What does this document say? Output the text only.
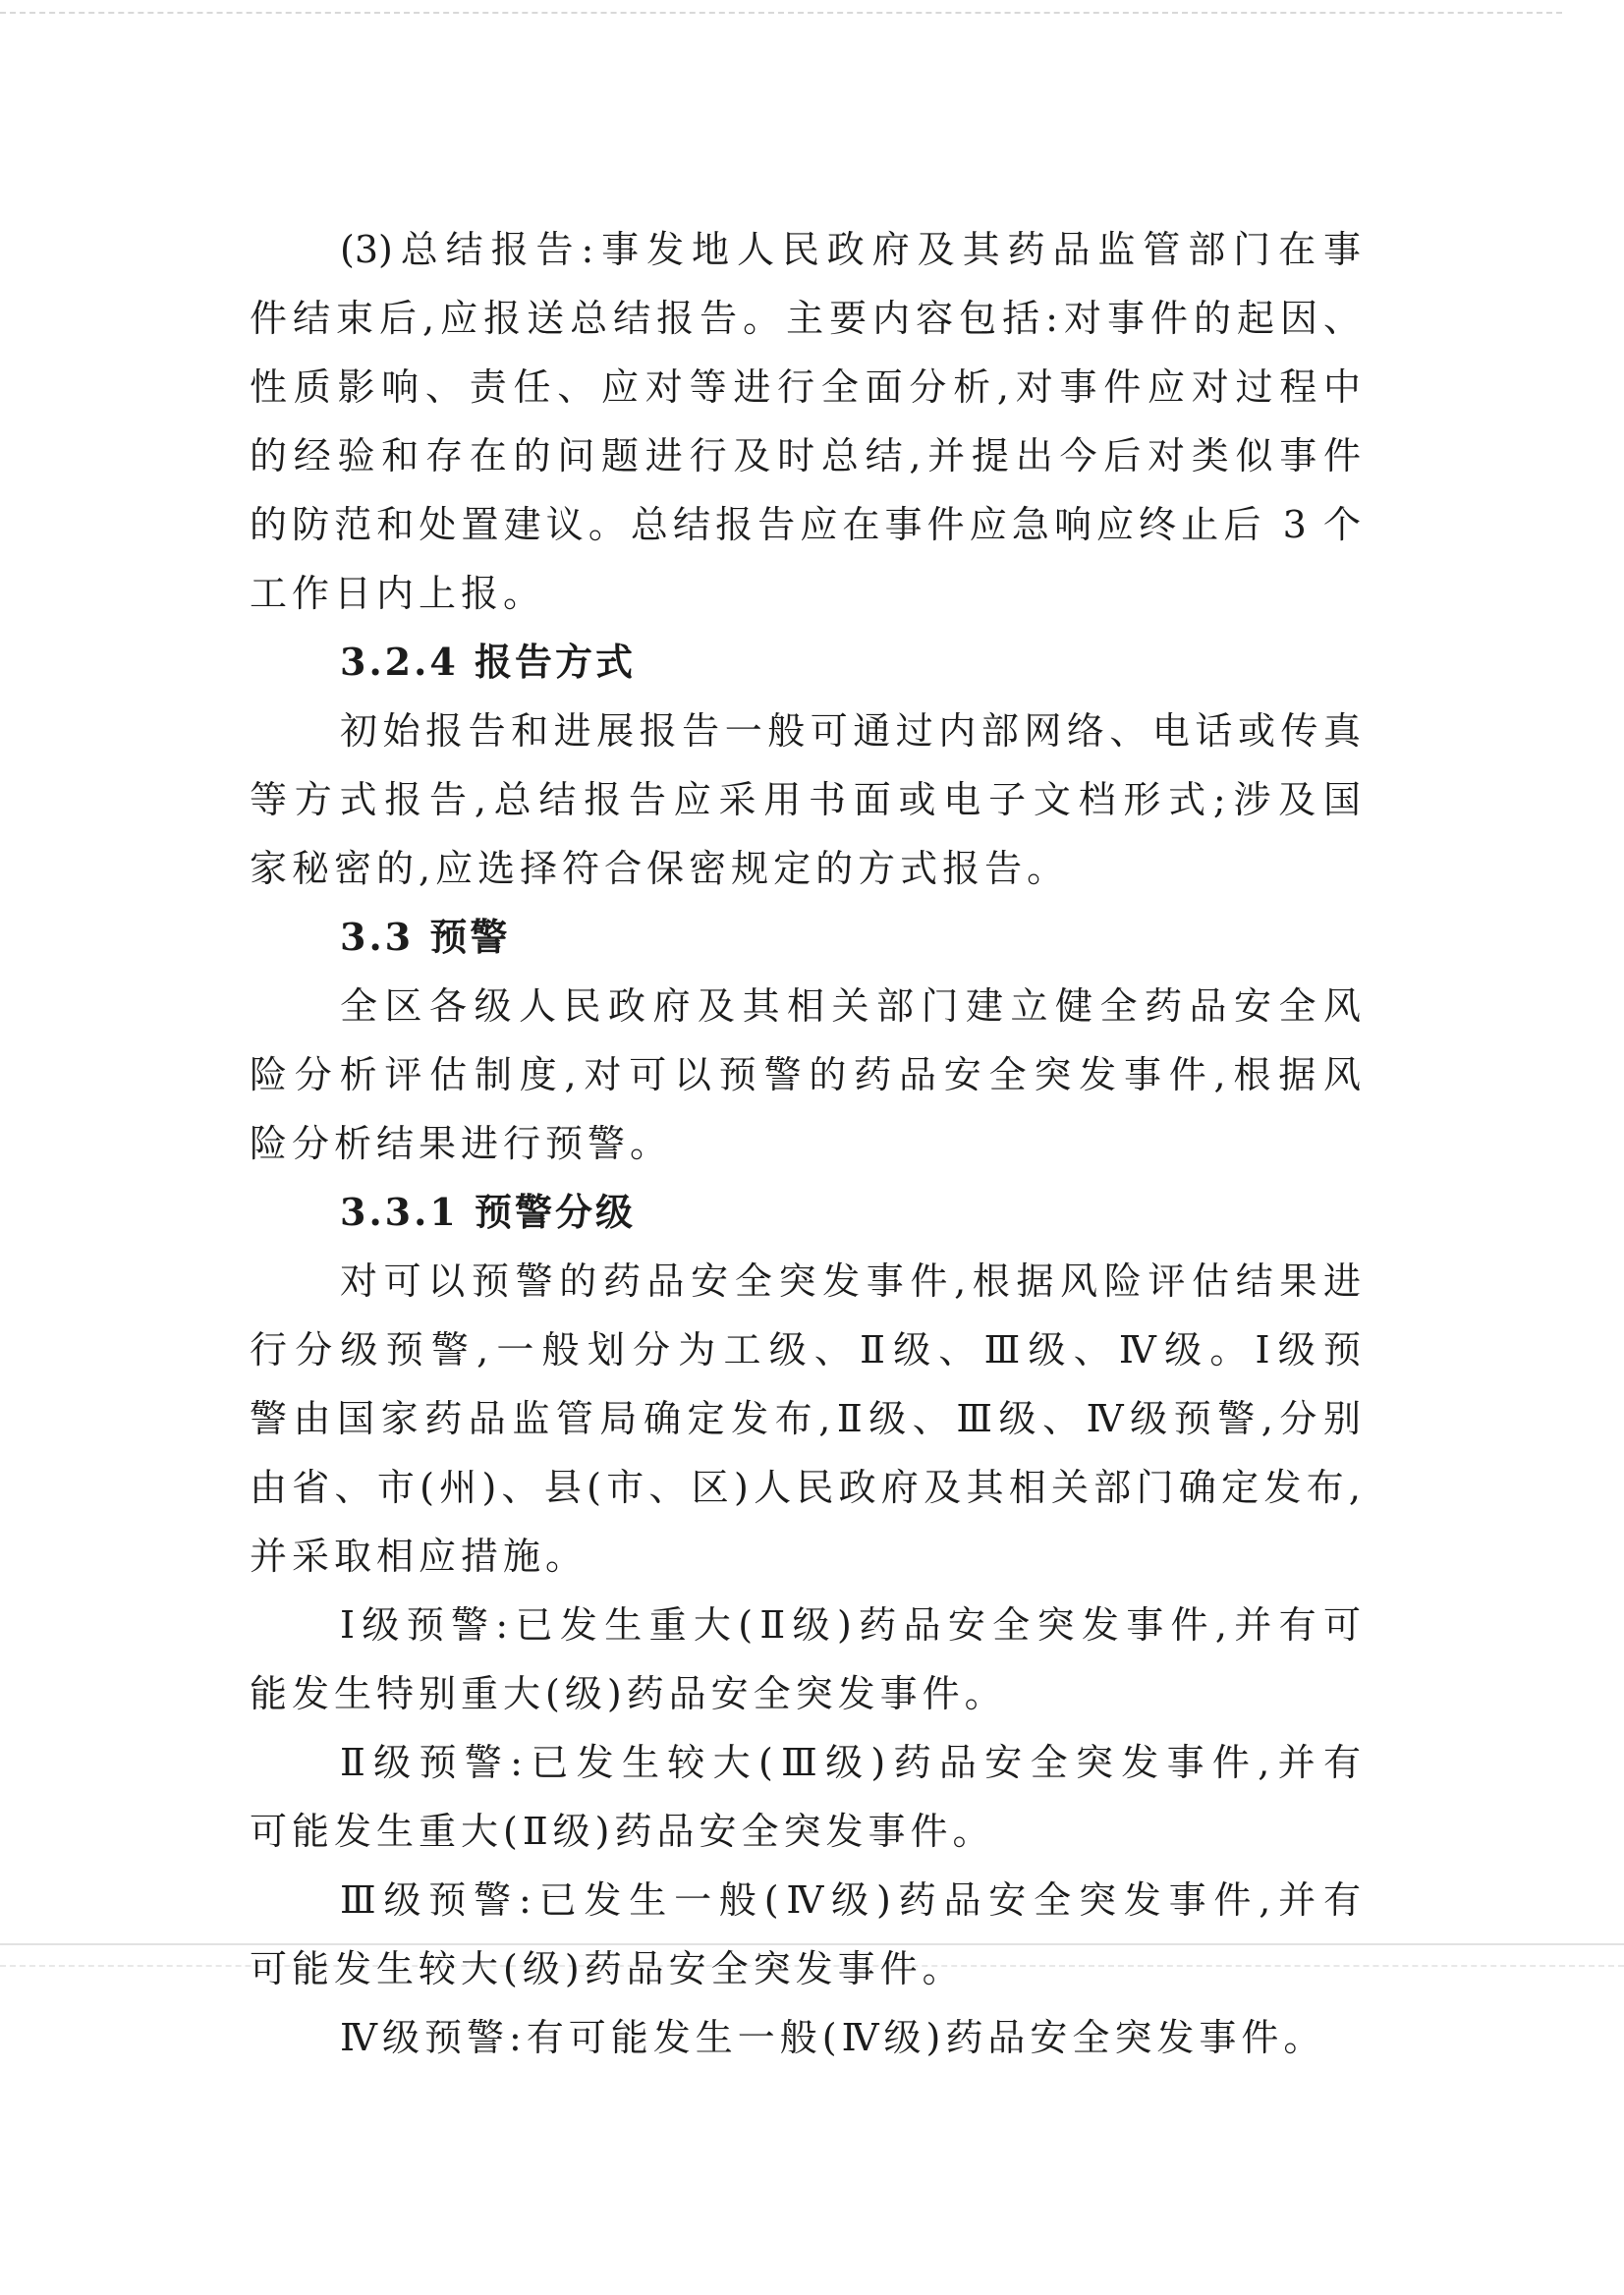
(3)总结报告:事发地人民政府及其药品监管部门在事
件结束后,应报送总结报告。主要内容包括:对事件的起因、
性质影响、责任、应对等进行全面分析,对事件应对过程中
的经验和存在的问题进行及时总结,并提出今后对类似事件
的防范和处置建议。总结报告应在事件应急响应终止后 3 个
工作日内上报。
3.2.4 报告方式
初始报告和进展报告一般可通过内部网络、电话或传真
等方式报告,总结报告应采用书面或电子文档形式;涉及国
家秘密的,应选择符合保密规定的方式报告。
3.3 预警
全区各级人民政府及其相关部门建立健全药品安全风
险分析评估制度,对可以预警的药品安全突发事件,根据风
险分析结果进行预警。
3.3.1 预警分级
对可以预警的药品安全突发事件,根据风险评估结果进
行分级预警,一般划分为工级、Ⅱ级、Ⅲ级、Ⅳ级。Ⅰ级预
警由国家药品监管局确定发布,Ⅱ级、Ⅲ级、Ⅳ级预警,分别
由省、市(州)、县(市、区)人民政府及其相关部门确定发布,
并采取相应措施。
Ⅰ级预警:已发生重大(Ⅱ级)药品安全突发事件,并有可
能发生特别重大(级)药品安全突发事件。
Ⅱ级预警:已发生较大(Ⅲ级)药品安全突发事件,并有
可能发生重大(Ⅱ级)药品安全突发事件。
Ⅲ级预警:已发生一般(Ⅳ级)药品安全突发事件,并有
可能发生较大(级)药品安全突发事件。
Ⅳ级预警:有可能发生一般(Ⅳ级)药品安全突发事件。
